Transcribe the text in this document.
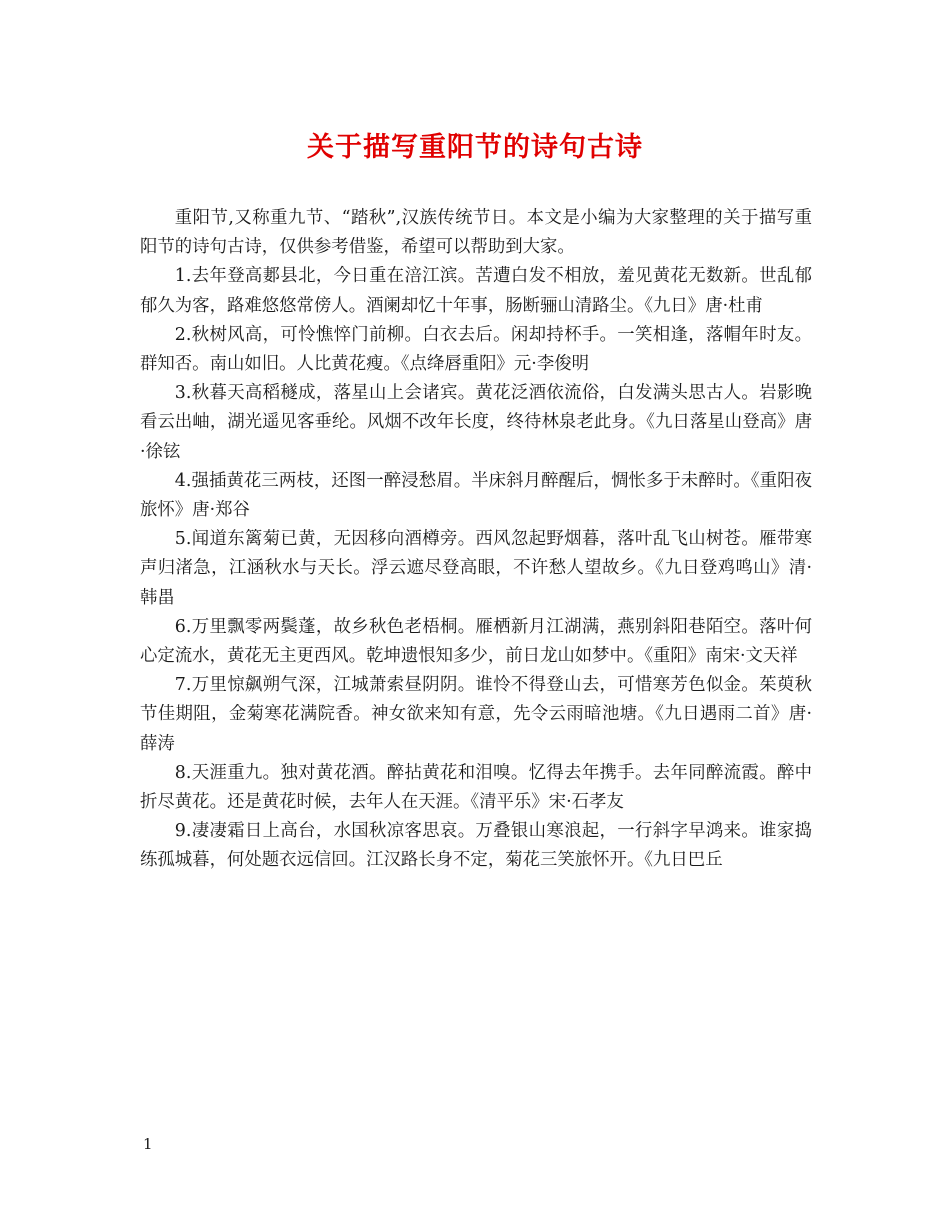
关于描写重阳节的诗句古诗

重阳节,又称重九节、“踏秋”,汉族传统节日。本文是小编为大家整理的关于描写重阳节的诗句古诗，仅供参考借鉴，希望可以帮助到大家。

1.去年登高郪县北，今日重在涪江滨。苦遭白发不相放，羞见黄花无数新。世乱郁郁久为客，路难悠悠常傍人。酒阑却忆十年事，肠断骊山清路尘。《九日》唐·杜甫

2.秋树风高，可怜憔悴门前柳。白衣去后。闲却持杯手。一笑相逢，落帽年时友。群知否。南山如旧。人比黄花瘦。《点绛唇重阳》元·李俊明

3.秋暮天高稻穟成，落星山上会诸宾。黄花泛酒依流俗，白发满头思古人。岩影晚看云出岫，湖光遥见客垂纶。风烟不改年长度，终待林泉老此身。《九日落星山登高》唐·徐铉

4.强插黄花三两枝，还图一醉浸愁眉。半床斜月醉醒后，惆怅多于未醉时。《重阳夜旅怀》唐·郑谷

5.闻道东篱菊已黄，无因移向酒樽旁。西风忽起野烟暮，落叶乱飞山树苍。雁带寒声归渚急，江涵秋水与天长。浮云遮尽登高眼，不许愁人望故乡。《九日登鸡鸣山》清·韩畕

6.万里飘零两鬓蓬，故乡秋色老梧桐。雁栖新月江湖满，燕别斜阳巷陌空。落叶何心定流水，黄花无主更西风。乾坤遗恨知多少，前日龙山如梦中。《重阳》南宋·文天祥

7.万里惊飙朔气深，江城萧索昼阴阴。谁怜不得登山去，可惜寒芳色似金。茱萸秋节佳期阻，金菊寒花满院香。神女欲来知有意，先令云雨暗池塘。《九日遇雨二首》唐·薛涛

8.天涯重九。独对黄花酒。醉拈黄花和泪嗅。忆得去年携手。去年同醉流霞。醉中折尽黄花。还是黄花时候，去年人在天涯。《清平乐》宋·石孝友

9.凄凄霜日上高台，水国秋凉客思哀。万叠银山寒浪起，一行斜字早鸿来。谁家捣练孤城暮，何处题衣远信回。江汉路长身不定，菊花三笑旅怀开。《九日巴丘

1
